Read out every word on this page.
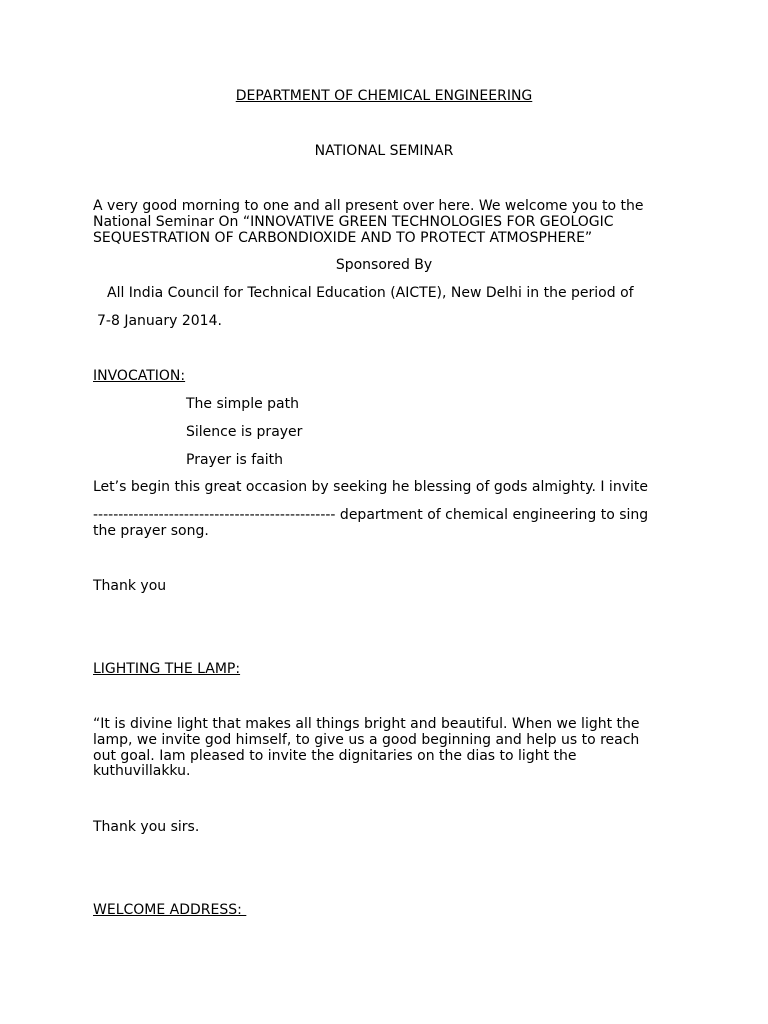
DEPARTMENT OF CHEMICAL ENGINEERING
NATIONAL SEMINAR
A very good morning to one and all present over here. We welcome you to the
National Seminar On “INNOVATIVE GREEN TECHNOLOGIES FOR GEOLOGIC
SEQUESTRATION OF CARBONDIOXIDE AND TO PROTECT ATMOSPHERE”
Sponsored By
All India Council for Technical Education (AICTE), New Delhi in the period of
7-8 January 2014.
INVOCATION:
The simple path
Silence is prayer
Prayer is faith
Let’s begin this great occasion by seeking he blessing of gods almighty. I invite
------------------------------------------------ department of chemical engineering to sing
the prayer song.
Thank you
LIGHTING THE LAMP:
“It is divine light that makes all things bright and beautiful. When we light the
lamp, we invite god himself, to give us a good beginning and help us to reach
out goal. Iam pleased to invite the dignitaries on the dias to light the
kuthuvillakku.
Thank you sirs.
WELCOME ADDRESS:
